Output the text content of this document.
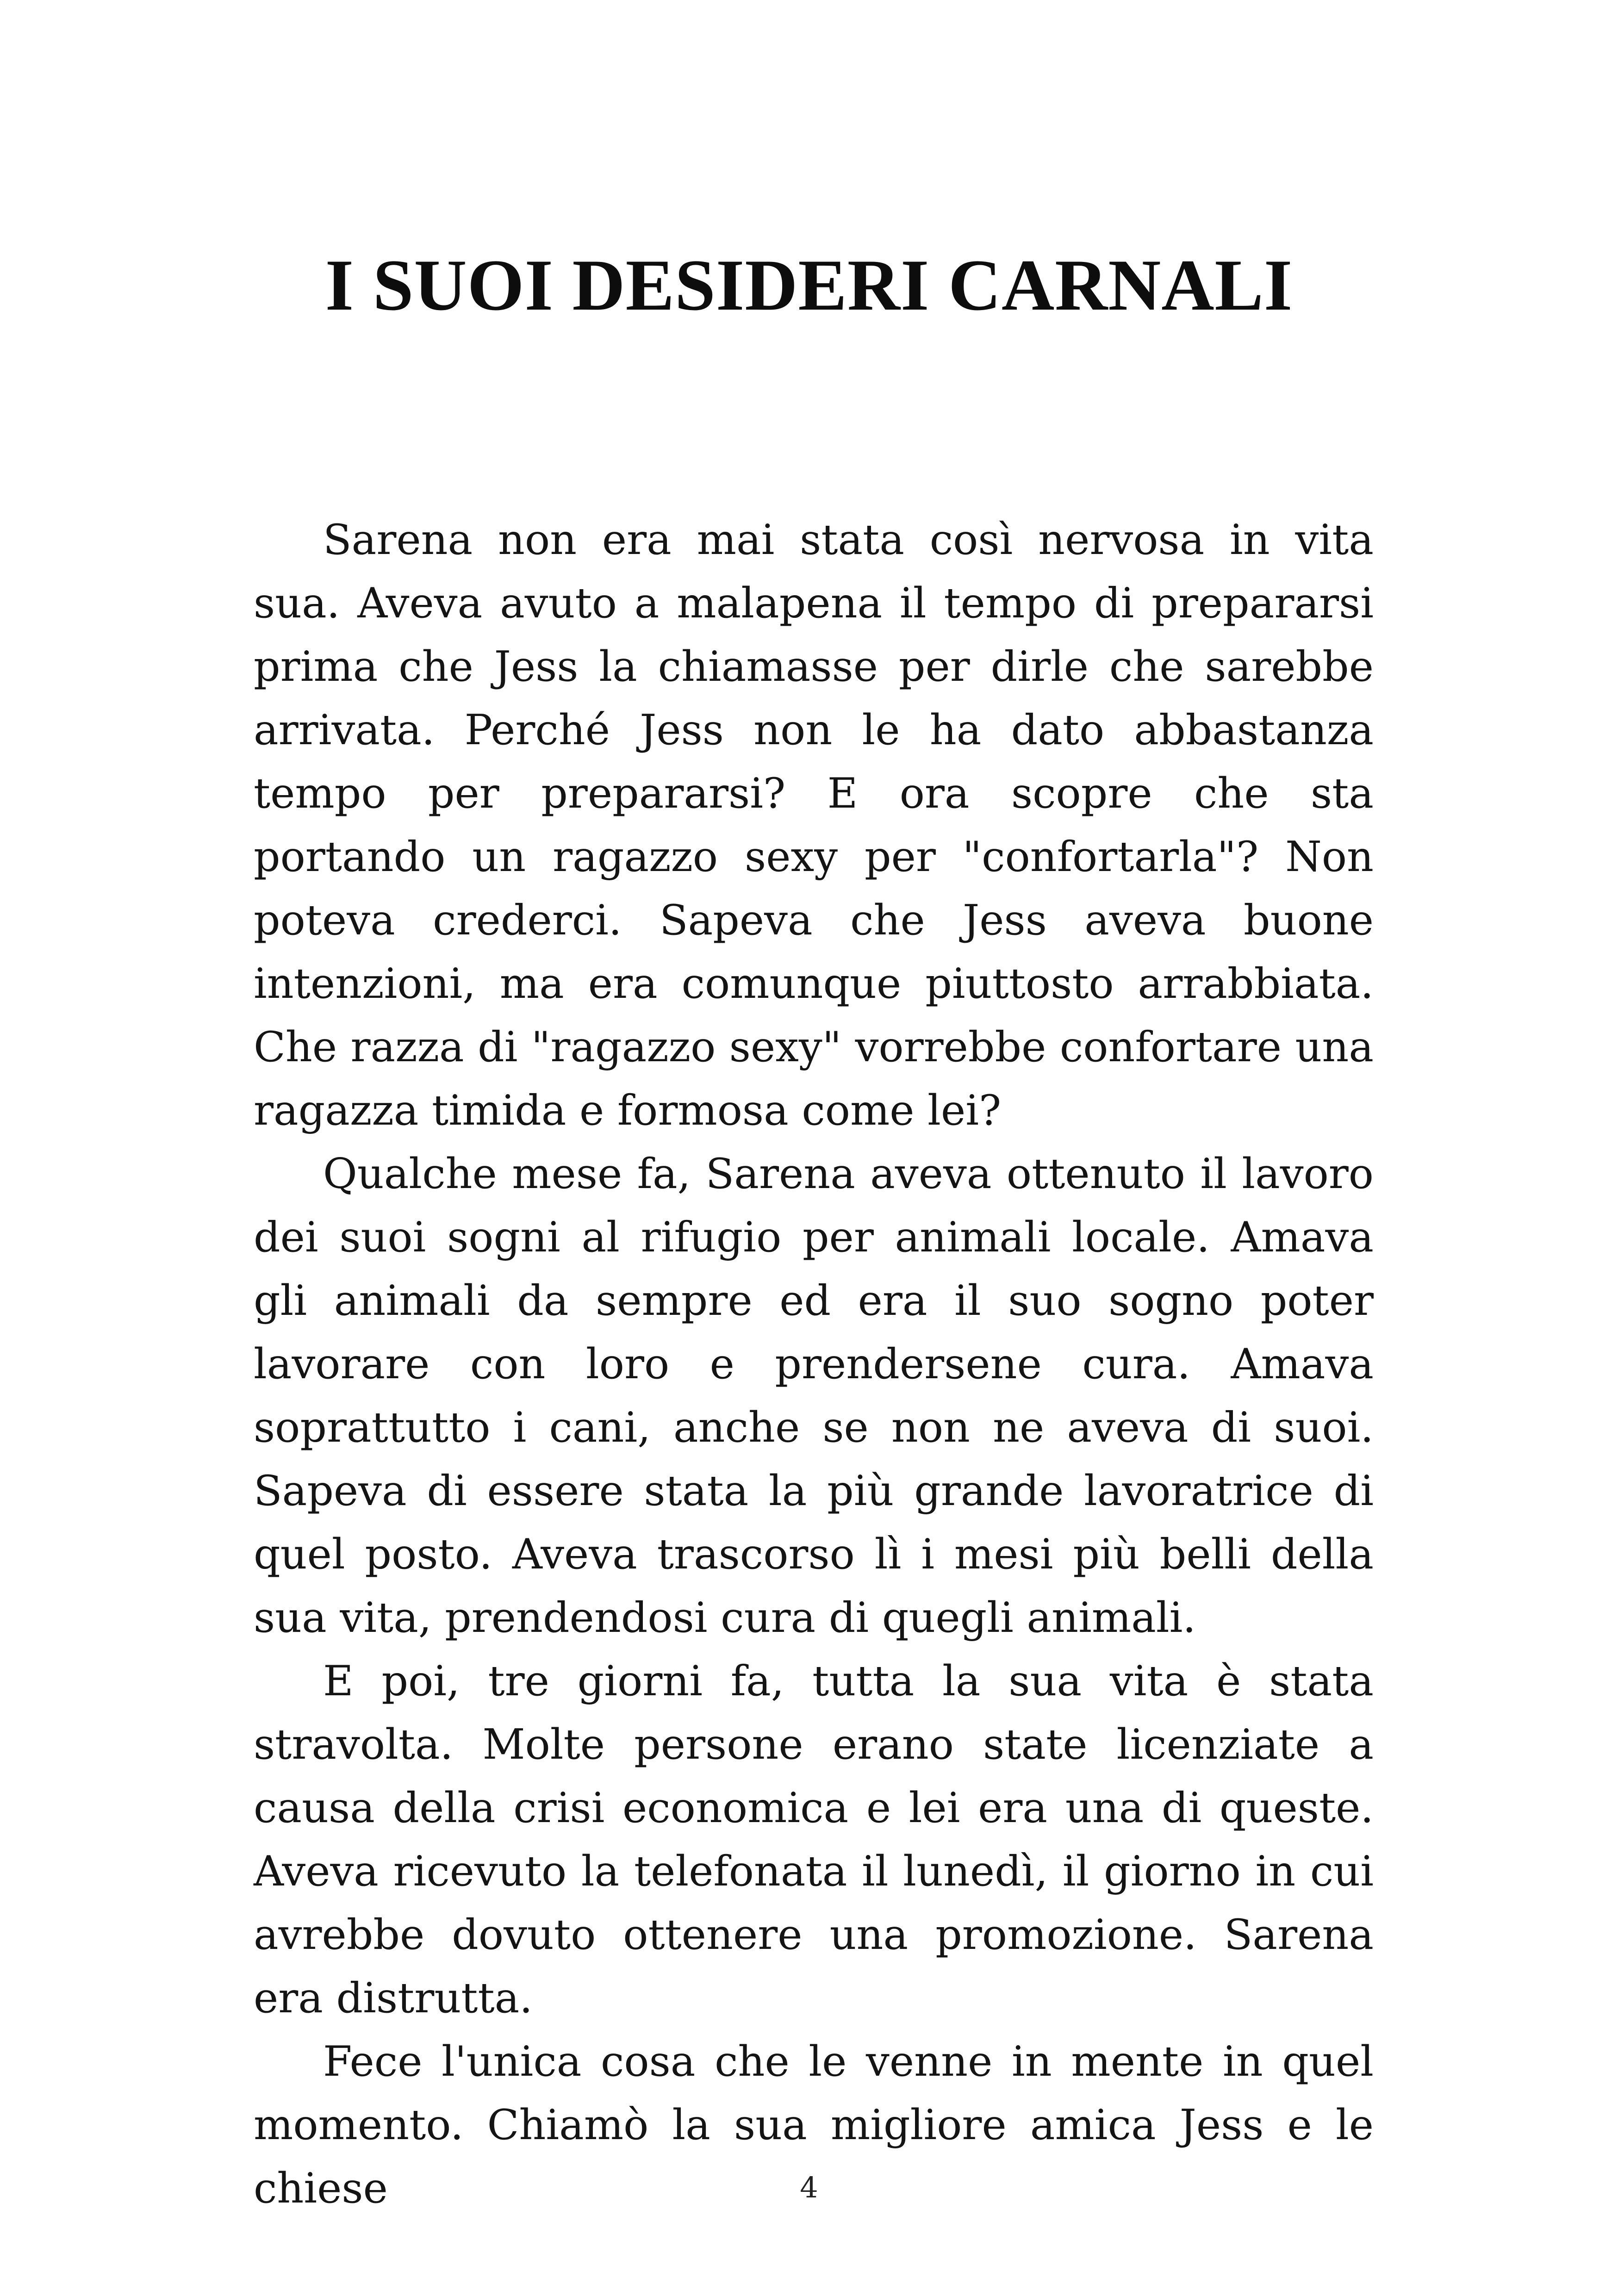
I SUOI DESIDERI CARNALI

Sarena non era mai stata così nervosa in vita sua. Aveva avuto a malapena il tempo di prepararsi prima che Jess la chiamasse per dirle che sarebbe arrivata. Perché Jess non le ha dato abbastanza tempo per prepararsi? E ora scopre che sta portando un ragazzo sexy per "confortarla"? Non poteva crederci. Sapeva che Jess aveva buone intenzioni, ma era comunque piuttosto arrabbiata. Che razza di "ragazzo sexy" vorrebbe confortare una ragazza timida e formosa come lei?

Qualche mese fa, Sarena aveva ottenuto il lavoro dei suoi sogni al rifugio per animali locale. Amava gli animali da sempre ed era il suo sogno poter lavorare con loro e prendersene cura. Amava soprattutto i cani, anche se non ne aveva di suoi. Sapeva di essere stata la più grande lavoratrice di quel posto. Aveva trascorso lì i mesi più belli della sua vita, prendendosi cura di quegli animali.

E poi, tre giorni fa, tutta la sua vita è stata stravolta. Molte persone erano state licenziate a causa della crisi economica e lei era una di queste. Aveva ricevuto la telefonata il lunedì, il giorno in cui avrebbe dovuto ottenere una promozione. Sarena era distrutta.

Fece l'unica cosa che le venne in mente in quel momento. Chiamò la sua migliore amica Jess e le chiese	4
